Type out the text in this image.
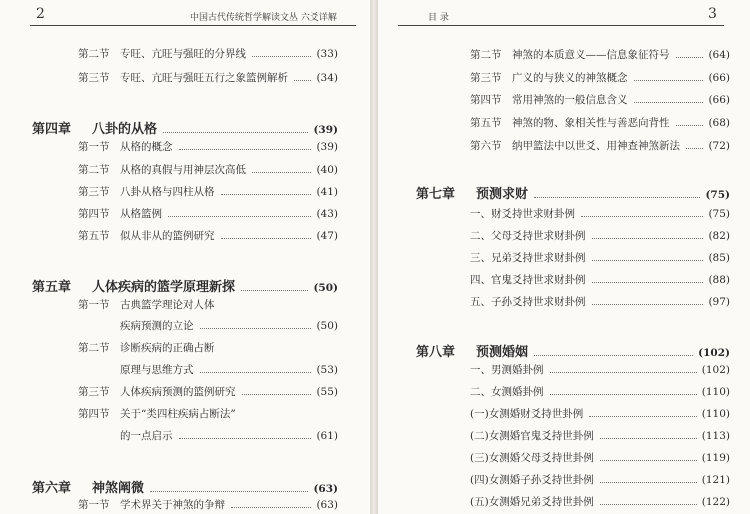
2	中国古代传统哲学解读文丛 六爻详解
第二节	专旺、亢旺与强旺的分界线	(33)
第三节	专旺、亢旺与强旺五行之象篮例解析	(34)
第四章	八卦的从格	(39)
第一节	从格的概念	(39)
第二节	从格的真假与用神层次高低	(40)
第三节	八卦从格与四柱从格	(41)
第四节	从格篮例	(43)
第五节	似从非从的篮例研究	(47)
第五章	人体疾病的篮学原理新探	(50)
第一节	古典篮学理论对人体
疾病预测的立论	(50)
第二节	诊断疾病的正确占断
原理与思维方式	(53)
第三节	人体疾病预测的篮例研究	(55)
第四节	关于“类四柱疾病占断法”
的一点启示	(61)
第六章	神煞阐微	(63)
第一节	学术界关于神煞的争辩	(63)
目 录	3
第二节	神煞的本质意义——信息象征符号	(64)
第三节	广义的与狭义的神煞概念	(66)
第四节	常用神煞的一般信息含义	(66)
第五节	神煞的物、象相关性与善恶向背性	(68)
第六节	纳甲篮法中以世爻、用神查神煞新法	(72)
第七章	预测求财	(75)
一、财爻持世求财卦例	(75)
二、父母爻持世求财卦例	(82)
三、兄弟爻持世求财卦例	(85)
四、官鬼爻持世求财卦例	(88)
五、子孙爻持世求财卦例	(97)
第八章	预测婚姻	(102)
一、男测婚卦例	(102)
二、女测婚卦例	(110)
(一)女测婚财爻持世卦例	(110)
(二)女测婚官鬼爻持世卦例	(113)
(三)女测婚父母爻持世卦例	(119)
(四)女测婚子孙爻持世卦例	(121)
(五)女测婚兄弟爻持世卦例	(122)
